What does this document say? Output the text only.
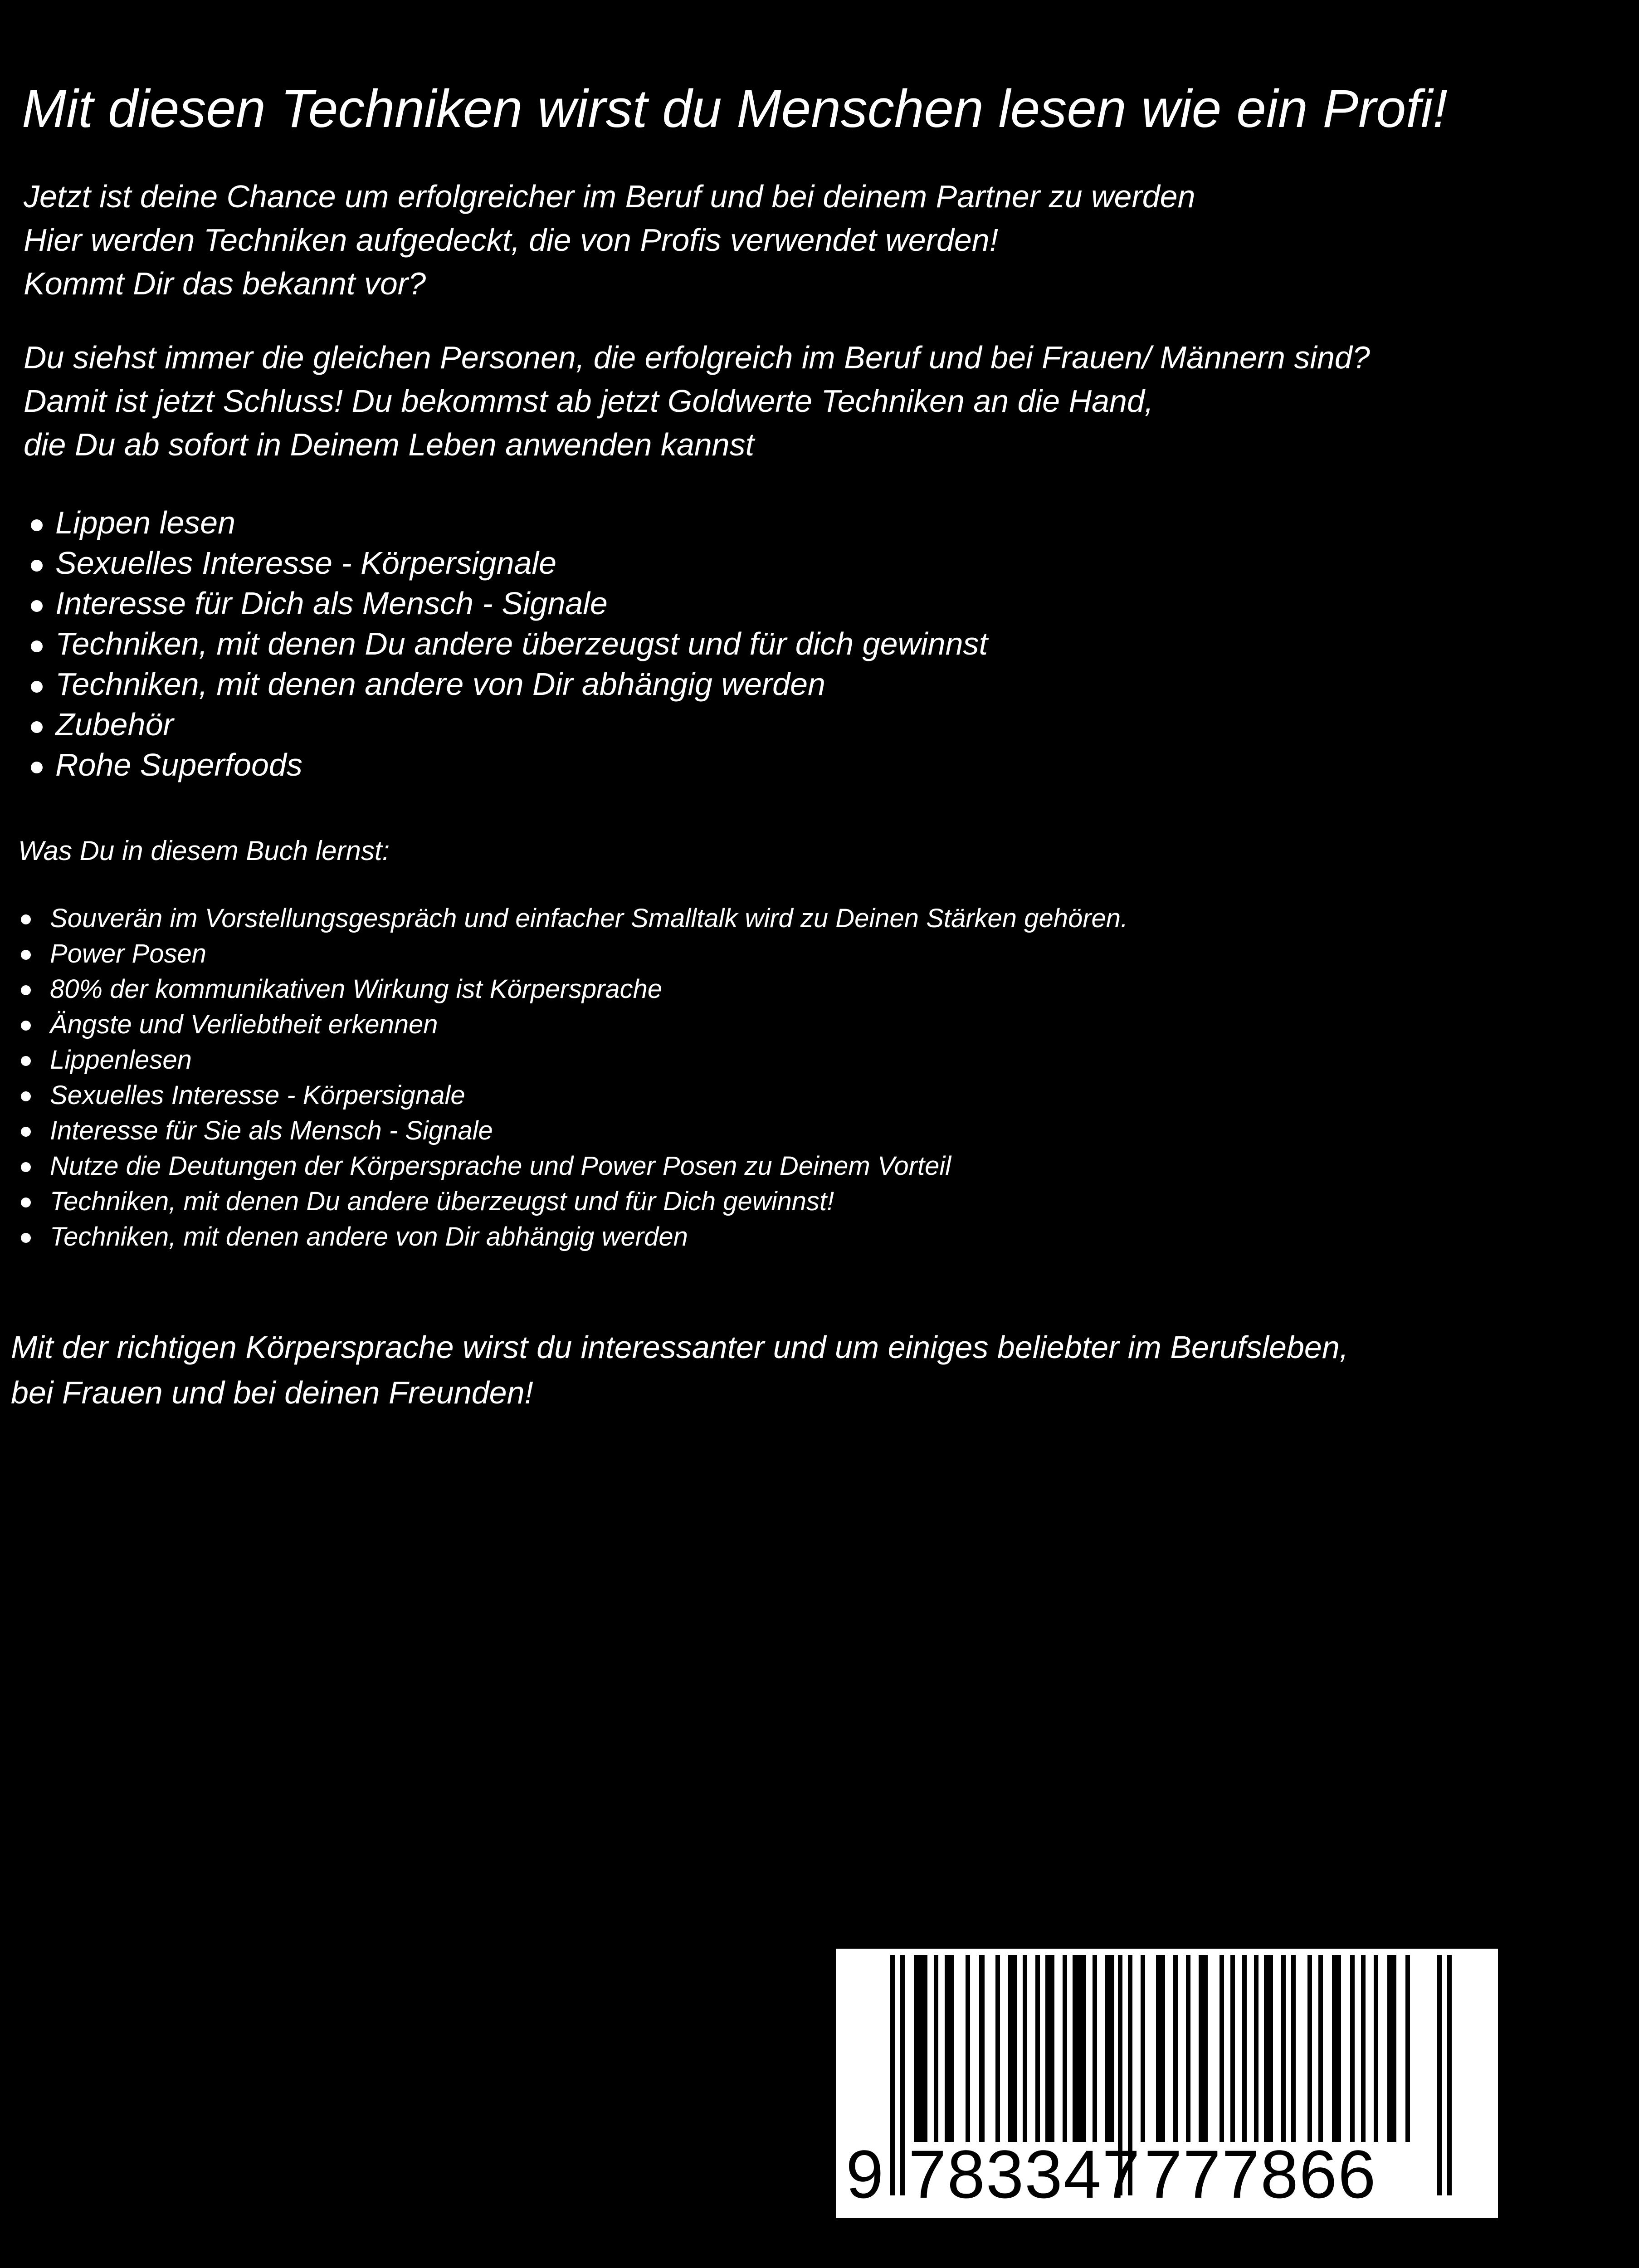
Mit diesen Techniken wirst du Menschen lesen wie ein Profi!

Jetzt ist deine Chance um erfolgreicher im Beruf und bei deinem Partner zu werden

Hier werden Techniken aufgedeckt, die von Profis verwendet werden!

Kommt Dir das bekannt vor?

Du siehst immer die gleichen Personen, die erfolgreich im Beruf und bei Frauen/ Männern sind?

Damit ist jetzt Schluss! Du bekommst ab jetzt Goldwerte Techniken an die Hand,

die Du ab sofort in Deinem Leben anwenden kannst

Lippen lesen
Sexuelles Interesse - Körpersignale
Interesse für Dich als Mensch - Signale
Techniken, mit denen Du andere überzeugst und für dich gewinnst
Techniken, mit denen andere von Dir abhängig werden
Zubehör
Rohe Superfoods
Was Du in diesem Buch lernst:
Souverän im Vorstellungsgespräch und einfacher Smalltalk wird zu Deinen Stärken gehören.
Power Posen
80% der kommunikativen Wirkung ist Körpersprache
Ängste und Verliebtheit erkennen
Lippenlesen
Sexuelles Interesse - Körpersignale
Interesse für Sie als Mensch - Signale
Nutze die Deutungen der Körpersprache und Power Posen zu Deinem Vorteil
Techniken, mit denen Du andere überzeugst und für Dich gewinnst!
Techniken, mit denen andere von Dir abhängig werden

Mit der richtigen Körpersprache wirst du interessanter und um einiges beliebter im Berufsleben,

bei Frauen und bei deinen Freunden!

9 783347 777866
